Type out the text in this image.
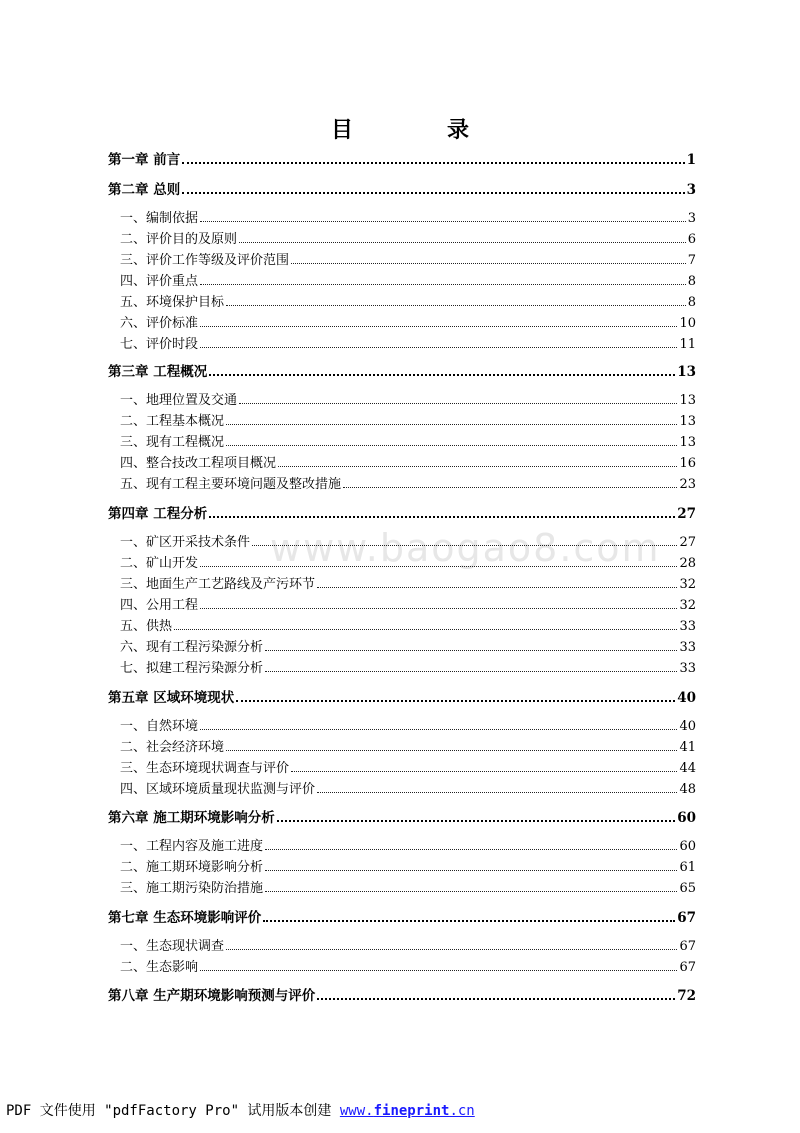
www.baogao8.com
目　录
第一章 前言	1
第二章 总则	3
一、编制依据	3
二、评价目的及原则	6
三、评价工作等级及评价范围	7
四、评价重点	8
五、环境保护目标	8
六、评价标准	10
七、评价时段	11
第三章 工程概况	13
一、地理位置及交通	13
二、工程基本概况	13
三、现有工程概况	13
四、整合技改工程项目概况	16
五、现有工程主要环境问题及整改措施	23
第四章 工程分析	27
一、矿区开采技术条件	27
二、矿山开发	28
三、地面生产工艺路线及产污环节	32
四、公用工程	32
五、供热	33
六、现有工程污染源分析	33
七、拟建工程污染源分析	33
第五章 区域环境现状	40
一、自然环境	40
二、社会经济环境	41
三、生态环境现状调查与评价	44
四、区域环境质量现状监测与评价	48
第六章 施工期环境影响分析	60
一、工程内容及施工进度	60
二、施工期环境影响分析	61
三、施工期污染防治措施	65
第七章 生态环境影响评价	67
一、生态现状调查	67
二、生态影响	67
第八章 生产期环境影响预测与评价	72
PDF 文件使用 "pdfFactory Pro" 试用版本创建 www.fineprint.cn
